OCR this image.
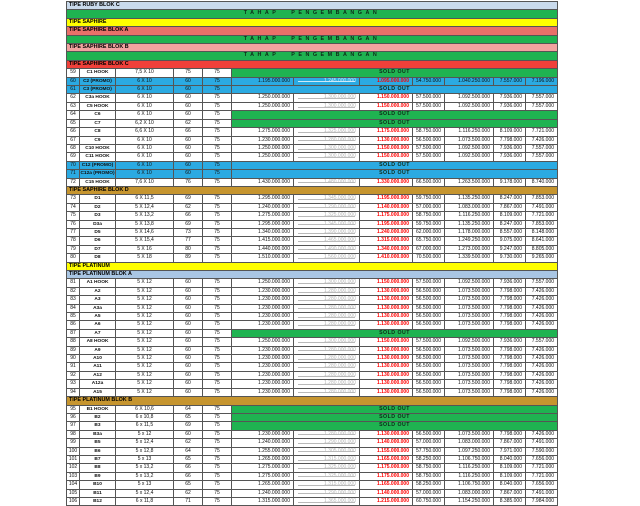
TIPE RUBY BLOK C											
TAHAP PENGEMBANGAN											
TIPE SAPHIRE											
TIPE SAPHIRE BLOK A											
TAHAP PENGEMBANGAN											
TIPE SAPHIRE BLOK B											
TAHAP PENGEMBANGAN											
TIPE SAPHIRE BLOK C											
59	C1 HOOK	7,5 X 10	75	75	SOLD OUT						
60	C2 (PROMO)	6 X 10	60	75	1.195.000.000	1.245.000.000	1.095.000.000	54.750.000	1.040.250.000	7.557.000	7.196.000
61	C3 (PROMO)	6 X 10	60	75	SOLD OUT						
62	C3a HOOK	6 X 10	60	75	1.250.000.000	1.300.000.000	1.150.000.000	57.500.000	1.092.500.000	7.936.000	7.557.000
63	C5 HOOK	6 X 10	60	75	1.250.000.000	1.300.000.000	1.150.000.000	57.500.000	1.092.500.000	7.936.000	7.557.000
64	C6	6 X 10	60	75	SOLD OUT						
65	C7	6,2 X 10	62	75	SOLD OUT						
66	C8	6,6 X 10	66	75	1.275.000.000	1.325.000.000	1.175.000.000	58.750.000	1.116.250.000	8.109.000	7.721.000
67	C9	6 X 10	60	75	1.230.000.000	1.280.000.000	1.130.000.000	56.500.000	1.073.500.000	7.798.000	7.426.000
68	C10 HOOK	6 X 10	60	75	1.250.000.000	1.300.000.000	1.150.000.000	57.500.000	1.092.500.000	7.936.000	7.557.000
69	C11 HOOK	6 X 10	60	75	1.250.000.000	1.300.000.000	1.150.000.000	57.500.000	1.092.500.000	7.936.000	7.557.000
70	C12 (PROMO)	6 X 10	60	75	SOLD OUT						
71	C12a (PROMO)	6 X 10	60	75	SOLD OUT						
72	C15 HOOK	7,6 X 10	76	75	1.430.000.000	1.480.000.000	1.330.000.000	66.500.000	1.263.500.000	9.178.000	8.740.000
TIPE SAPHIRE BLOK D											
73	D1	6 X 11,5	69	75	1.295.000.000	1.345.000.000	1.195.000.000	59.750.000	1.135.250.000	8.247.000	7.853.000
74	D2	5 X 12,4	62	75	1.240.000.000	1.290.000.000	1.140.000.000	57.000.000	1.083.000.000	7.867.000	7.491.000
75	D3	5 X 13,2	66	75	1.275.000.000	1.325.000.000	1.175.000.000	58.750.000	1.116.250.000	8.109.000	7.721.000
76	D3a	5 X 13,8	69	75	1.295.000.000	1.345.000.000	1.195.000.000	59.750.000	1.135.250.000	8.247.000	7.853.000
77	D5	5 X 14,6	73	75	1.340.000.000	1.390.000.000	1.240.000.000	62.000.000	1.178.000.000	8.557.000	8.148.000
78	D6	5 X 15,4	77	75	1.415.000.000	1.465.000.000	1.315.000.000	65.750.000	1.249.250.000	9.075.000	8.641.000
79	D7	5 X 16	80	75	1.440.000.000	1.490.000.000	1.340.000.000	67.000.000	1.273.000.000	9.247.000	8.805.000
80	D8	5 X 18	89	75	1.510.000.000	1.560.000.000	1.410.000.000	70.500.000	1.339.500.000	9.730.000	9.265.000
TIPE PLATINUM											
TIPE PLATINUM BLOK A											
81	A1 HOOK	5 X 12	60	75	1.250.000.000	1.300.000.000	1.150.000.000	57.500.000	1.092.500.000	7.936.000	7.557.000
82	A2	5 X 12	60	75	1.230.000.000	1.280.000.000	1.130.000.000	56.500.000	1.073.500.000	7.798.000	7.426.000
83	A3	5 X 12	60	75	1.230.000.000	1.280.000.000	1.130.000.000	56.500.000	1.073.500.000	7.798.000	7.426.000
84	A3a	5 X 12	60	75	1.230.000.000	1.280.000.000	1.130.000.000	56.500.000	1.073.500.000	7.798.000	7.426.000
85	A5	5 X 12	60	75	1.230.000.000	1.280.000.000	1.130.000.000	56.500.000	1.073.500.000	7.798.000	7.426.000
86	A6	5 X 12	60	75	1.230.000.000	1.280.000.000	1.130.000.000	56.500.000	1.073.500.000	7.798.000	7.426.000
87	A7	5 X 12	60	75	SOLD OUT						
88	A8 HOOK	5 X 12	60	75	1.250.000.000	1.300.000.000	1.150.000.000	57.500.000	1.092.500.000	7.936.000	7.557.000
89	A9	5 X 12	60	75	1.230.000.000	1.280.000.000	1.130.000.000	56.500.000	1.073.500.000	7.798.000	7.426.000
90	A10	5 X 12	60	75	1.230.000.000	1.280.000.000	1.130.000.000	56.500.000	1.073.500.000	7.798.000	7.426.000
91	A11	5 X 12	60	75	1.230.000.000	1.280.000.000	1.130.000.000	56.500.000	1.073.500.000	7.798.000	7.426.000
92	A12	5 X 12	60	75	1.230.000.000	1.280.000.000	1.130.000.000	56.500.000	1.073.500.000	7.798.000	7.426.000
93	A12a	5 X 12	60	75	1.230.000.000	1.280.000.000	1.130.000.000	56.500.000	1.073.500.000	7.798.000	7.426.000
94	A15	5 X 12	60	75	1.230.000.000	1.280.000.000	1.130.000.000	56.500.000	1.073.500.000	7.798.000	7.426.000
TIPE PLATINUM BLOK B											
95	B1 HOOK	6 X 10,6	64	75	SOLD OUT						
96	B2	6 x 10,8	65	75	SOLD OUT						
97	B3	6 x 11,5	69	75	SOLD OUT						
98	B3a	5 x 12	60	75	1.230.000.000	1.280.000.000	1.130.000.000	56.500.000	1.073.500.000	7.798.000	7.426.000
99	B5	5 x 12,4	62	75	1.240.000.000	1.290.000.000	1.140.000.000	57.000.000	1.083.000.000	7.867.000	7.491.000
100	B6	5 x 12,8	64	75	1.255.000.000	1.305.000.000	1.155.000.000	57.750.000	1.097.250.000	7.971.000	7.590.000
101	B7	5 x 13	65	75	1.265.000.000	1.315.000.000	1.165.000.000	58.250.000	1.106.750.000	8.040.000	7.656.000
102	B8	5 x 13,2	66	75	1.275.000.000	1.325.000.000	1.175.000.000	58.750.000	1.116.250.000	8.109.000	7.721.000
103	B9	5 x 13,2	66	75	1.275.000.000	1.325.000.000	1.175.000.000	58.750.000	1.116.250.000	8.109.000	7.721.000
104	B10	5 x 13	65	75	1.265.000.000	1.315.000.000	1.165.000.000	58.250.000	1.106.750.000	8.040.000	7.656.000
105	B11	5 x 12,4	62	75	1.240.000.000	1.290.000.000	1.140.000.000	57.000.000	1.083.000.000	7.867.000	7.491.000
106	B12	6 x 11,8	71	75	1.315.000.000	1.365.000.000	1.215.000.000	60.750.000	1.154.250.000	8.385.000	7.984.000
